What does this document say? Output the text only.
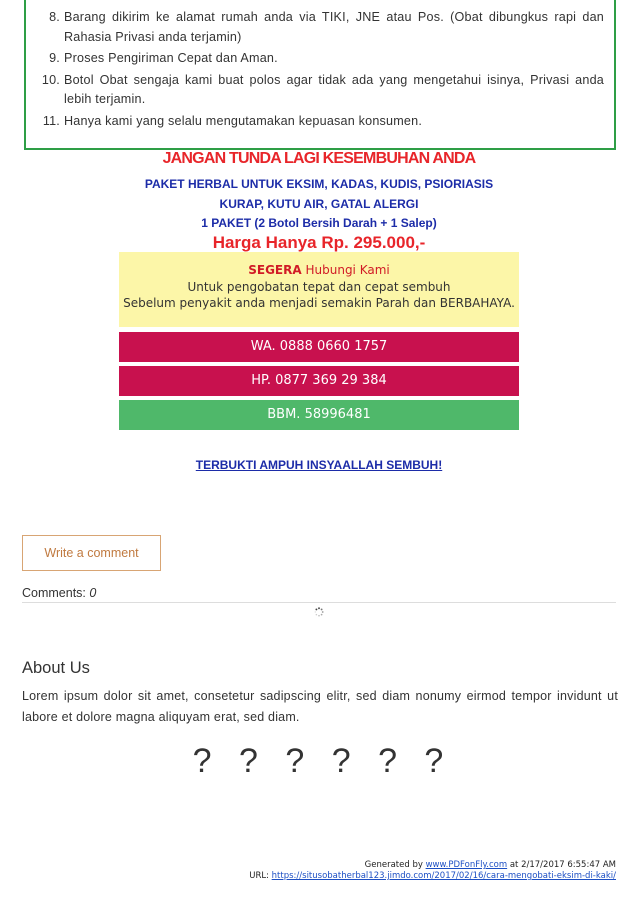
8. Barang dikirim ke alamat rumah anda via TIKI, JNE atau Pos. (Obat dibungkus rapi dan Rahasia Privasi anda terjamin)
9. Proses Pengiriman Cepat dan Aman.
10. Botol Obat sengaja kami buat polos agar tidak ada yang mengetahui isinya, Privasi anda lebih terjamin.
11. Hanya kami yang selalu mengutamakan kepuasan konsumen.
JANGAN TUNDA LAGI KESEMBUHAN ANDA
PAKET HERBAL UNTUK EKSIM, KADAS, KUDIS, PSIORIASIS
KURAP, KUTU AIR, GATAL ALERGI
1 PAKET (2 Botol Bersih Darah + 1 Salep)
Harga Hanya Rp. 295.000,-
SEGERA Hubungi Kami
Untuk pengobatan tepat dan cepat sembuh
Sebelum penyakit anda menjadi semakin Parah dan BERBAHAYA.
WA. 0888 0660 1757
HP. 0877 369 29 384
BBM. 58996481
TERBUKTI AMPUH INSYAALLAH SEMBUH!
Write a comment
Comments: 0
About Us
Lorem ipsum dolor sit amet, consetetur sadipscing elitr, sed diam nonumy eirmod tempor invidunt ut labore et dolore magna aliquyam erat, sed diam.
? ? ? ? ? ?
Generated by www.PDFonFly.com at 2/17/2017 6:55:47 AM
URL: https://situsobatherbal123.jimdo.com/2017/02/16/cara-mengobati-eksim-di-kaki/
